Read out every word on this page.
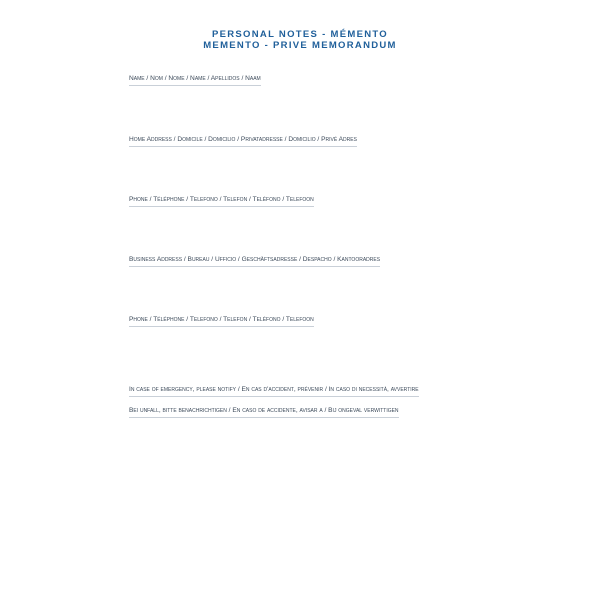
PERSONAL NOTES - MÉMENTO
MEMENTO - PRIVE MEMORANDUM
Name / Nom / Nome / Name / Apellidos / Naam
Home Address / Domicile / Domicilio / Privatadresse / Domicilio / Privé Adres
Phone / Téléphone / Telefono / Telefon / Teléfono / Telefoon
Business Address / Bureau / Ufficio / Geschäftsadresse / Despacho / Kantooradres
Phone / Téléphone / Telefono / Telefon / Teléfono / Telefoon
In case of emergency, please notify / En cas d'accident, prévenir / In caso di necessità, avvertire
Bei unfall, bitte benachrichtigen / En caso de accidente, avisar a / Bij ongeval verwittigen
